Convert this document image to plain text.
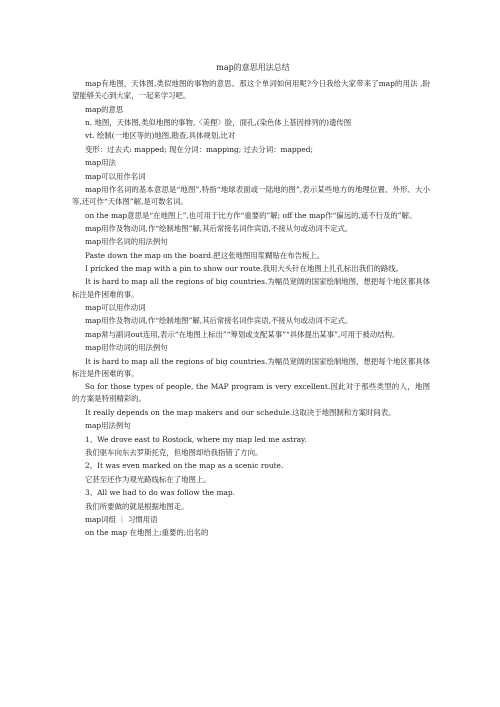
map的意思用法总结

map有地图，天体图,类似地图的事物的意思。那这个单词如何用呢?今日我给大家带来了map的用法 ,盼望能够关心到大家，一起来学习吧。

map的意思

n. 地图，天体图,类似地图的事物,〈美俚〉脸，面孔,(染色体上基因排列的)遗传图

vt. 绘制(一地区等的)地图,勘查,具体规划,比对

变形：过去式: mapped; 现在分词：mapping; 过去分词：mapped;

map用法

map可以用作名词

map用作名词的基本意思是“地图”,特指“地球表面或一陆地的图”,表示某些地方的地理位置、外形、大小等,还可作“天体图”解,是可数名词。

on the map意思是“在地图上”,也可用于比方作“重要的”解; off the map作“偏远的,遥不行及的”解。

map用作及物动词,作“绘制地图”解,其后常接名词作宾语,不接从句或动词不定式。

map用作名词的用法例句

Paste down the map on the board.把这张地图用浆糊贴在布告板上。

I pricked the map with a pin to show our route.我用大头针在地图上扎孔标出我们的路线。

It is hard to map all the regions of big countries.为幅员宽阔的国家绘制地图，想把每个地区都具体标注是件困难的事。

map可以用作动词

map用作及物动词,作“绘制地图”解,其后常接名词作宾语,不接从句或动词不定式。

map常与副词out连用,表示“在地图上标出”“筹划或支配某事”“具体提出某事”,可用于被动结构。

map用作动词的用法例句

It is hard to map all the regions of big countries.为幅员宽阔的国家绘制地图，想把每个地区都具体标注是件困难的事。

So for those types of people, the MAP program is very excellent.因此对于那些类型的人，地图的方案是特别精彩的。

It really depends on the map makers and our schedule.这取决于地图制和方案时间表。

map用法例句

1、We drove east to Rostock, where my map led me astray.

我们驱车向东去罗斯托克，但地图却给我指错了方向。

2、It was even marked on the map as a scenic route.

它甚至还作为观光路线标在了地图上。

3、All we had to do was follow the map.

我们所要做的就是根据地图走。

map词组 ｜ 习惯用语

on the map 在地图上;重要的;出名的
